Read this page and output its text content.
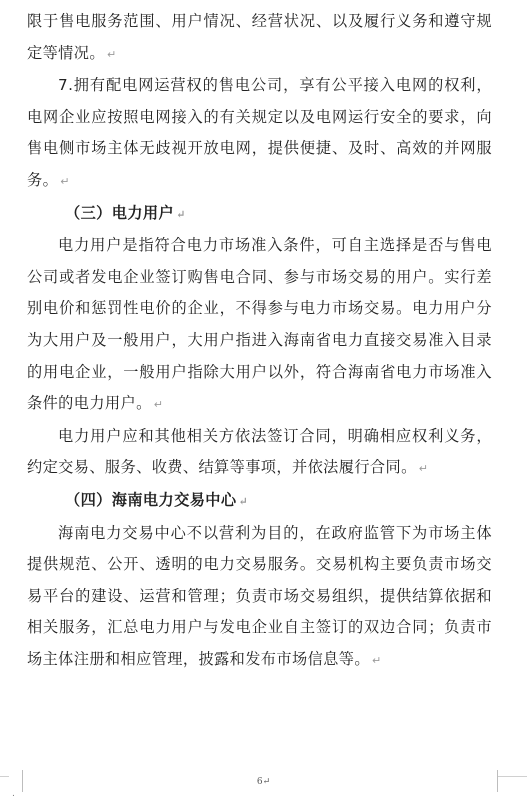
限于售电服务范围、用户情况、经营状况、以及履行义务和遵守规定等情况。 ↵

7.拥有配电网运营权的售电公司，享有公平接入电网的权利，电网企业应按照电网接入的有关规定以及电网运行安全的要求，向售电侧市场主体无歧视开放电网，提供便捷、及时、高效的并网服务。 ↵

（三）电力用户 ↵

电力用户是指符合电力市场准入条件，可自主选择是否与售电公司或者发电企业签订购售电合同、参与市场交易的用户。实行差别电价和惩罚性电价的企业，不得参与电力市场交易。电力用户分为大用户及一般用户，大用户指进入海南省电力直接交易准入目录的用电企业，一般用户指除大用户以外，符合海南省电力市场准入条件的电力用户。 ↵

电力用户应和其他相关方依法签订合同，明确相应权利义务，约定交易、服务、收费、结算等事项，并依法履行合同。 ↵

（四）海南电力交易中心 ↵

海南电力交易中心不以营利为目的，在政府监管下为市场主体提供规范、公开、透明的电力交易服务。交易机构主要负责市场交易平台的建设、运营和管理；负责市场交易组织，提供结算依据和相关服务，汇总电力用户与发电企业自主签订的双边合同；负责市场主体注册和相应管理，披露和发布市场信息等。 ↵

6↵
.
